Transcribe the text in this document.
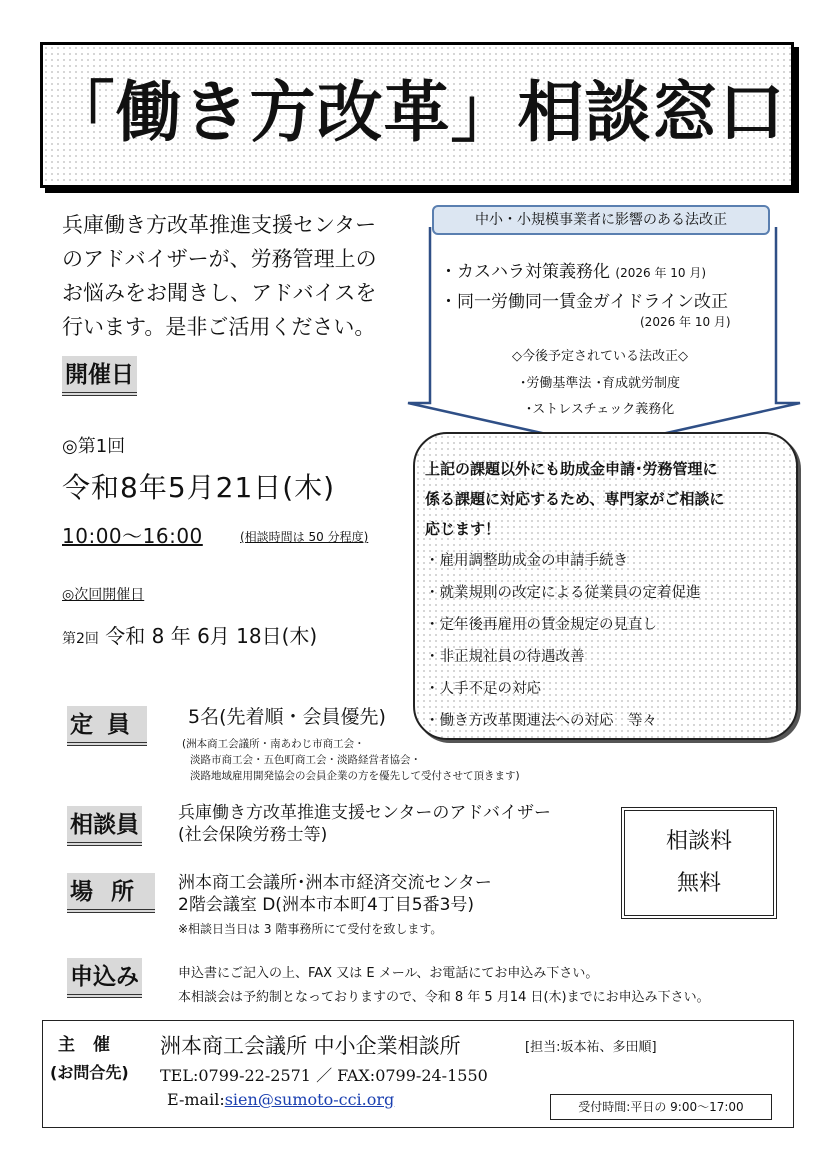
「働き方改革」相談窓口
兵庫働き方改革推進支援センター
のアドバイザーが、労務管理上の
お悩みをお聞きし、アドバイスを
行います。是非ご活用ください。
開催日
◎第1回
令和8年5月21日(木)
10:00～16:00	(相談時間は 50 分程度)
◎次回開催日
第2回 令和 8 年 6月 18日(木)
中小・小規模事業者に影響のある法改正
・カスハラ対策義務化 (2026 年 10 月)
・同一労働同一賃金ガイドライン改正
(2026 年 10 月)
◇今後予定されている法改正◇
･労働基準法 ･育成就労制度
･ストレスチェック義務化
上記の課題以外にも助成金申請･労務管理に
係る課題に対応するため、専門家がご相談に
応じます！
・雇用調整助成金の申請手続き
・就業規則の改定による従業員の定着促進
・定年後再雇用の賃金規定の見直し
・非正規社員の待遇改善
・人手不足の対応
・働き方改革関連法への対応　等々
定員 5名(先着順・会員優先)
(洲本商工会議所・南あわじ市商工会・
淡路市商工会・五色町商工会・淡路経営者協会・
淡路地域雇用開発協会の会員企業の方を優先して受付させて頂きます)
相談員 兵庫働き方改革推進支援センターのアドバイザー
(社会保険労務士等)
場所 洲本商工会議所･洲本市経済交流センター
2階会議室 D(洲本市本町4丁目5番3号)
※相談日当日は 3 階事務所にて受付を致します。
申込み	申込書にご記入の上、FAX 又は E メール、お電話にてお申込み下さい。
本相談会は予約制となっておりますので、令和 8 年 5 月14 日(木)までにお申込み下さい。
相談料
無料
主催
(お問合先)
洲本商工会議所 中小企業相談所	[担当:坂本祐、多田順]
TEL:0799-22-2571 ／ FAX:0799-24-1550
E-mail:sien@sumoto-cci.org	受付時間:平日の 9:00～17:00
